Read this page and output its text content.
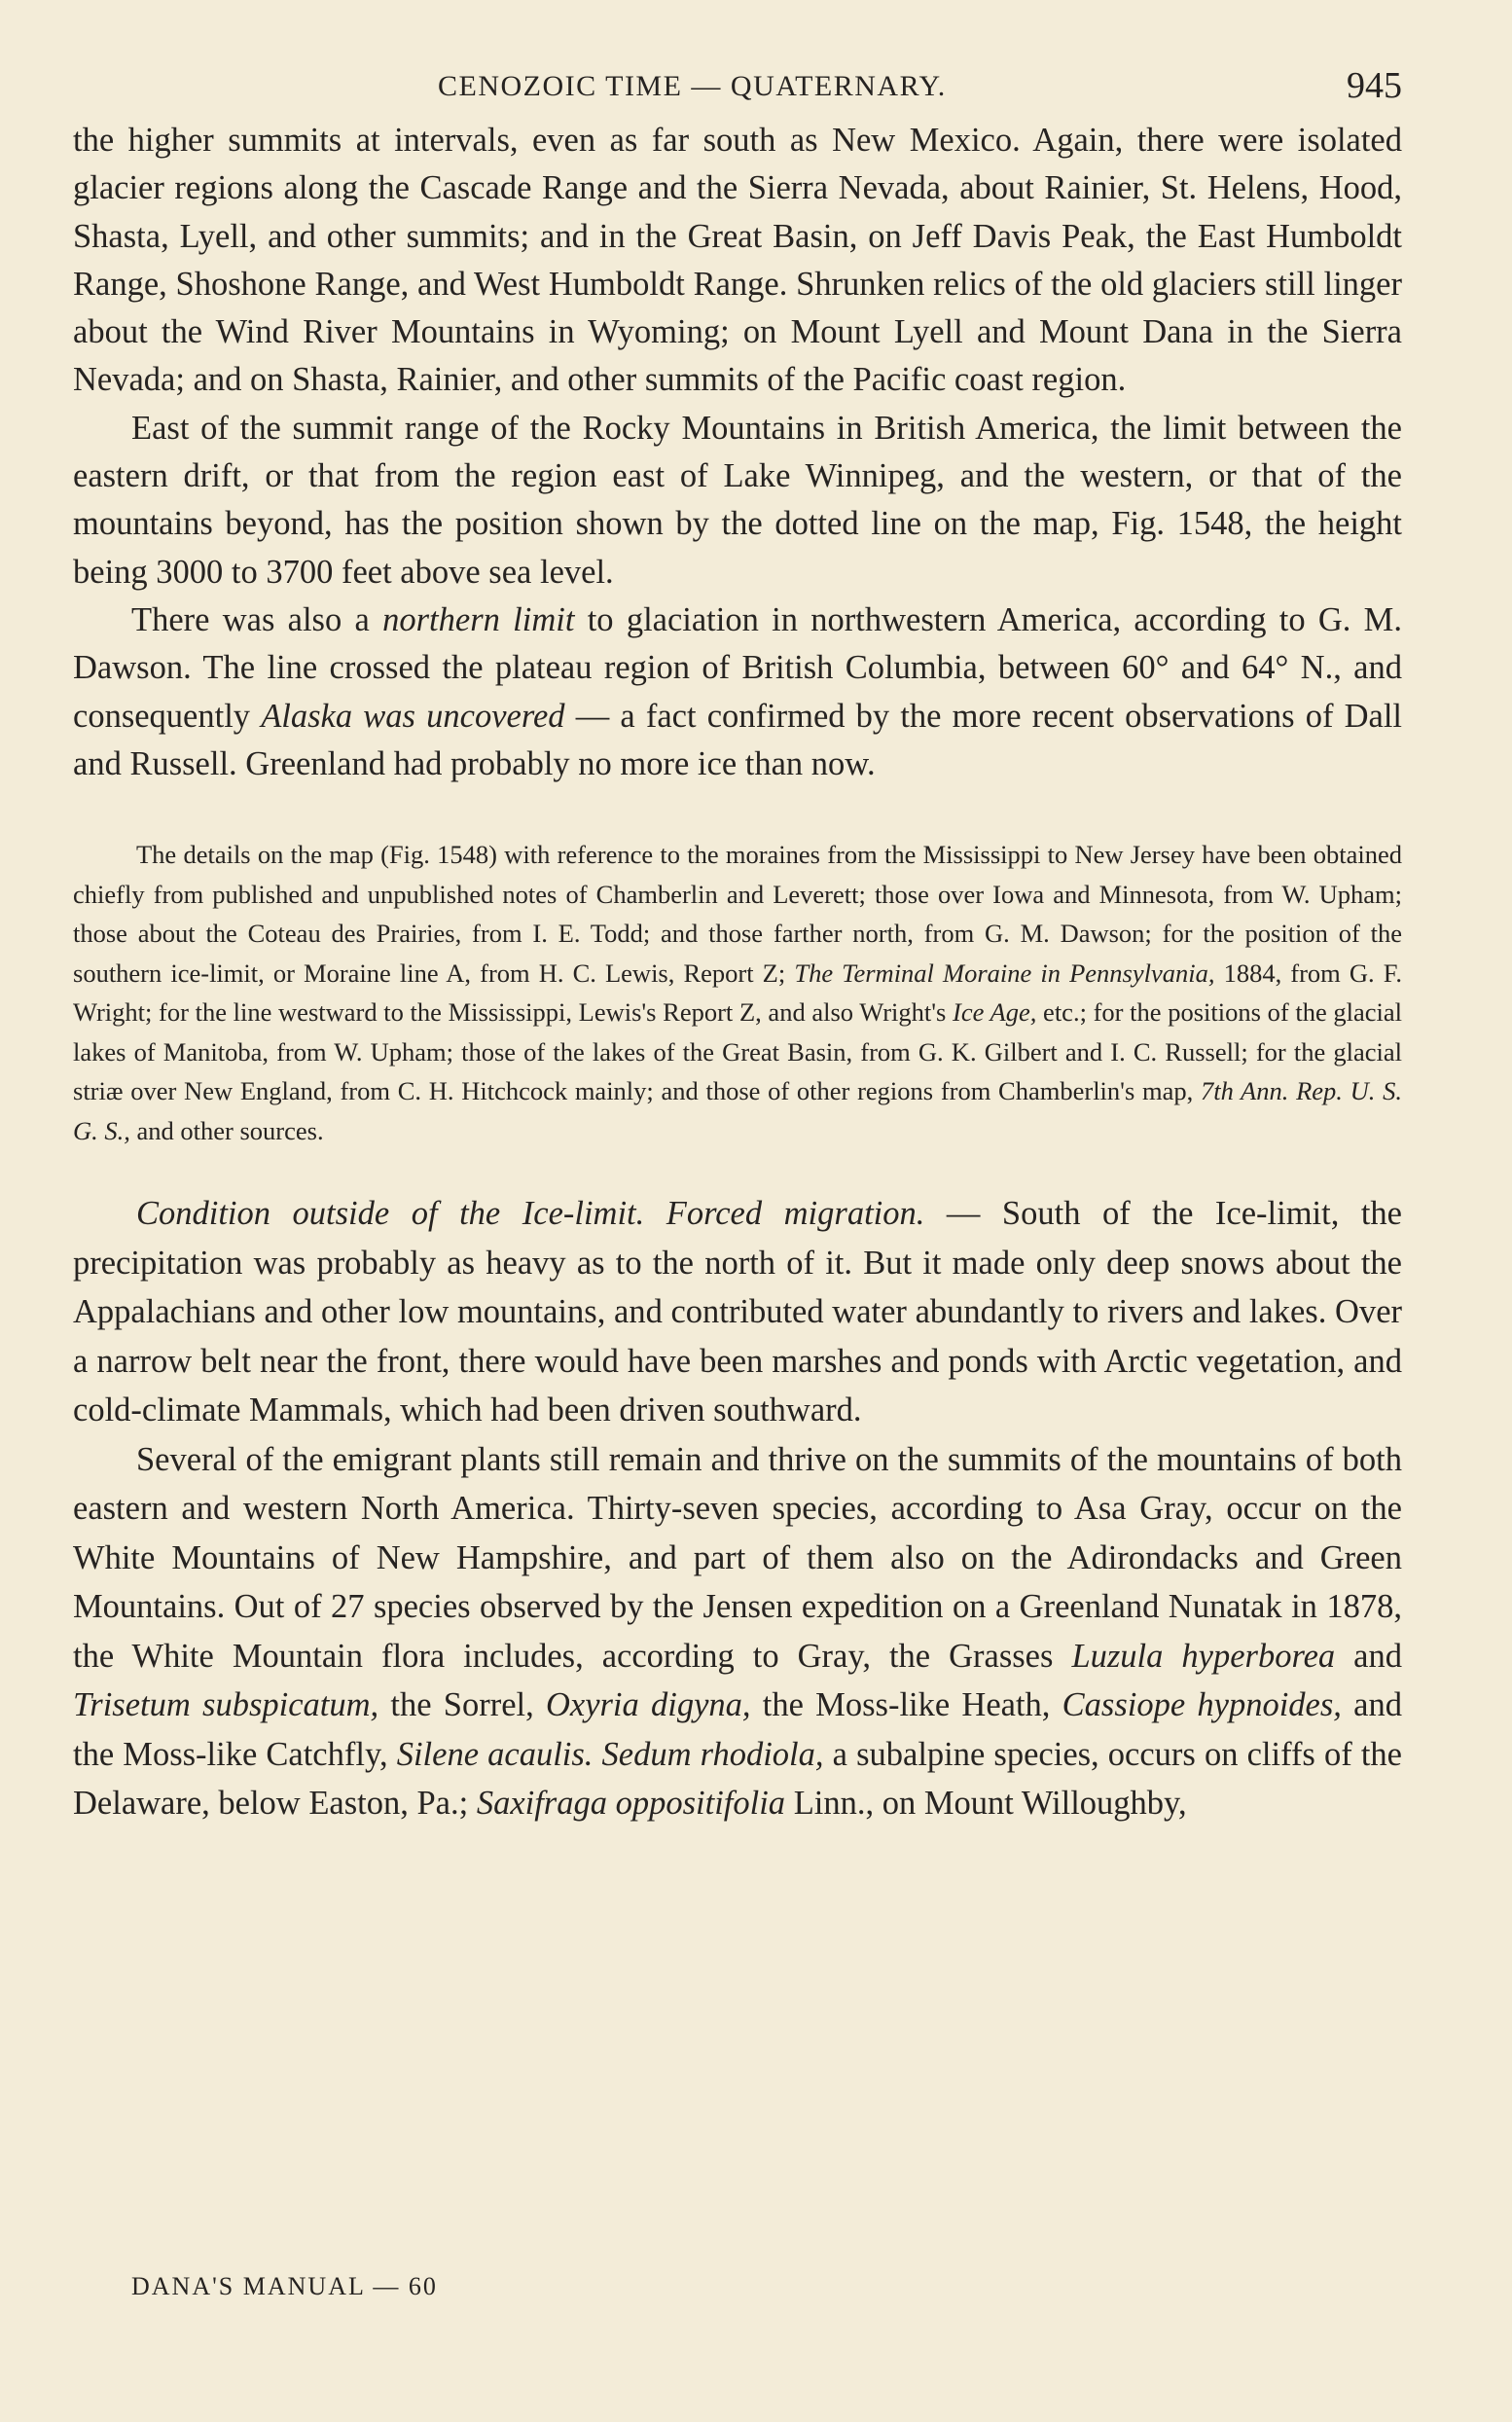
CENOZOIC TIME — QUATERNARY.	945

the higher summits at intervals, even as far south as New Mexico. Again, there were isolated glacier regions along the Cascade Range and the Sierra Nevada, about Rainier, St. Helens, Hood, Shasta, Lyell, and other summits; and in the Great Basin, on Jeff Davis Peak, the East Humboldt Range, Shoshone Range, and West Humboldt Range. Shrunken relics of the old glaciers still linger about the Wind River Mountains in Wyoming; on Mount Lyell and Mount Dana in the Sierra Nevada; and on Shasta, Rainier, and other summits of the Pacific coast region.

East of the summit range of the Rocky Mountains in British America, the limit between the eastern drift, or that from the region east of Lake Winnipeg, and the western, or that of the mountains beyond, has the position shown by the dotted line on the map, Fig. 1548, the height being 3000 to 3700 feet above sea level.

There was also a northern limit to glaciation in northwestern America, according to G. M. Dawson. The line crossed the plateau region of British Columbia, between 60° and 64° N., and consequently Alaska was uncovered — a fact confirmed by the more recent observations of Dall and Russell. Greenland had probably no more ice than now.

The details on the map (Fig. 1548) with reference to the moraines from the Mississippi to New Jersey have been obtained chiefly from published and unpublished notes of Chamberlin and Leverett; those over Iowa and Minnesota, from W. Upham; those about the Coteau des Prairies, from I. E. Todd; and those farther north, from G. M. Dawson; for the position of the southern ice-limit, or Moraine line A, from H. C. Lewis, Report Z; The Terminal Moraine in Pennsylvania, 1884, from G. F. Wright; for the line westward to the Mississippi, Lewis's Report Z, and also Wright's Ice Age, etc.; for the positions of the glacial lakes of Manitoba, from W. Upham; those of the lakes of the Great Basin, from G. K. Gilbert and I. C. Russell; for the glacial striæ over New England, from C. H. Hitchcock mainly; and those of other regions from Chamberlin's map, 7th Ann. Rep. U. S. G. S., and other sources.

Condition outside of the Ice-limit. Forced migration. — South of the Ice-limit, the precipitation was probably as heavy as to the north of it. But it made only deep snows about the Appalachians and other low mountains, and contributed water abundantly to rivers and lakes. Over a narrow belt near the front, there would have been marshes and ponds with Arctic vegetation, and cold-climate Mammals, which had been driven southward.

Several of the emigrant plants still remain and thrive on the summits of the mountains of both eastern and western North America. Thirty-seven species, according to Asa Gray, occur on the White Mountains of New Hampshire, and part of them also on the Adirondacks and Green Mountains. Out of 27 species observed by the Jensen expedition on a Greenland Nunatak in 1878, the White Mountain flora includes, according to Gray, the Grasses Luzula hyperborea and Trisetum subspicatum, the Sorrel, Oxyria digyna, the Moss-like Heath, Cassiope hypnoides, and the Moss-like Catchfly, Silene acaulis. Sedum rhodiola, a subalpine species, occurs on cliffs of the Delaware, below Easton, Pa.; Saxifraga oppositifolia Linn., on Mount Willoughby,

DANA'S MANUAL — 60
